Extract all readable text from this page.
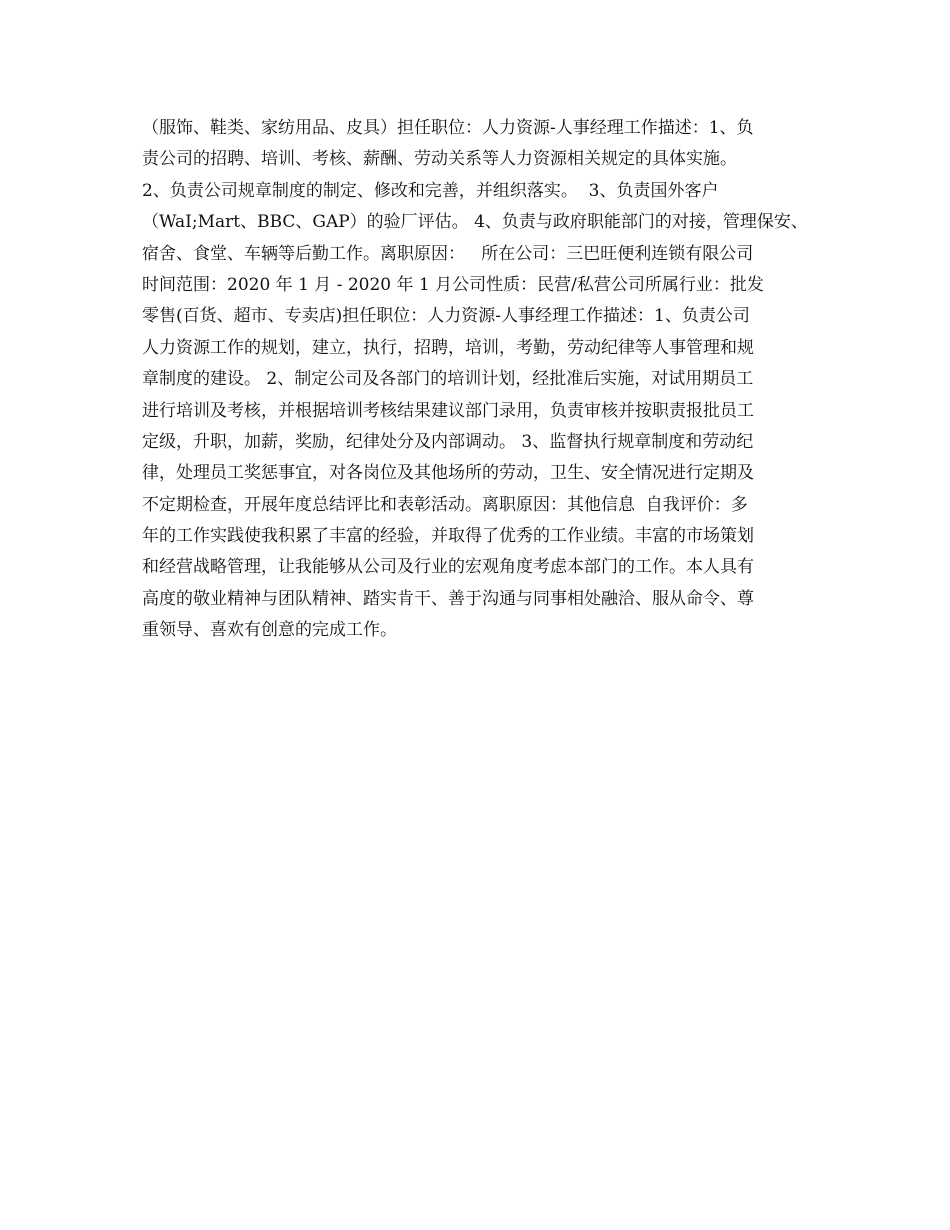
（服饰、鞋类、家纺用品、皮具）担任职位：人力资源-人事经理工作描述：1、负
责公司的招聘、培训、考核、薪酬、劳动关系等人力资源相关规定的具体实施。
2、负责公司规章制度的制定、修改和完善，并组织落实。  3、负责国外客户
（WaI;Mart、BBC、GAP）的验厂评估。 4、负责与政府职能部门的对接，管理保安、
宿舍、食堂、车辆等后勤工作。离职原因：   所在公司：三巴旺便利连锁有限公司
时间范围：2020 年 1 月 - 2020 年 1 月公司性质：民营/私营公司所属行业：批发
零售(百货、超市、专卖店)担任职位：人力资源-人事经理工作描述：1、负责公司
人力资源工作的规划，建立，执行，招聘，培训，考勤，劳动纪律等人事管理和规
章制度的建设。 2、制定公司及各部门的培训计划，经批准后实施，对试用期员工
进行培训及考核，并根据培训考核结果建议部门录用，负责审核并按职责报批员工
定级，升职，加薪，奖励，纪律处分及内部调动。 3、监督执行规章制度和劳动纪
律，处理员工奖惩事宜，对各岗位及其他场所的劳动，卫生、安全情况进行定期及
不定期检查，开展年度总结评比和表彰活动。离职原因：其他信息  自我评价：多
年的工作实践使我积累了丰富的经验，并取得了优秀的工作业绩。丰富的市场策划
和经营战略管理，让我能够从公司及行业的宏观角度考虑本部门的工作。本人具有
高度的敬业精神与团队精神、踏实肯干、善于沟通与同事相处融洽、服从命令、尊
重领导、喜欢有创意的完成工作。
